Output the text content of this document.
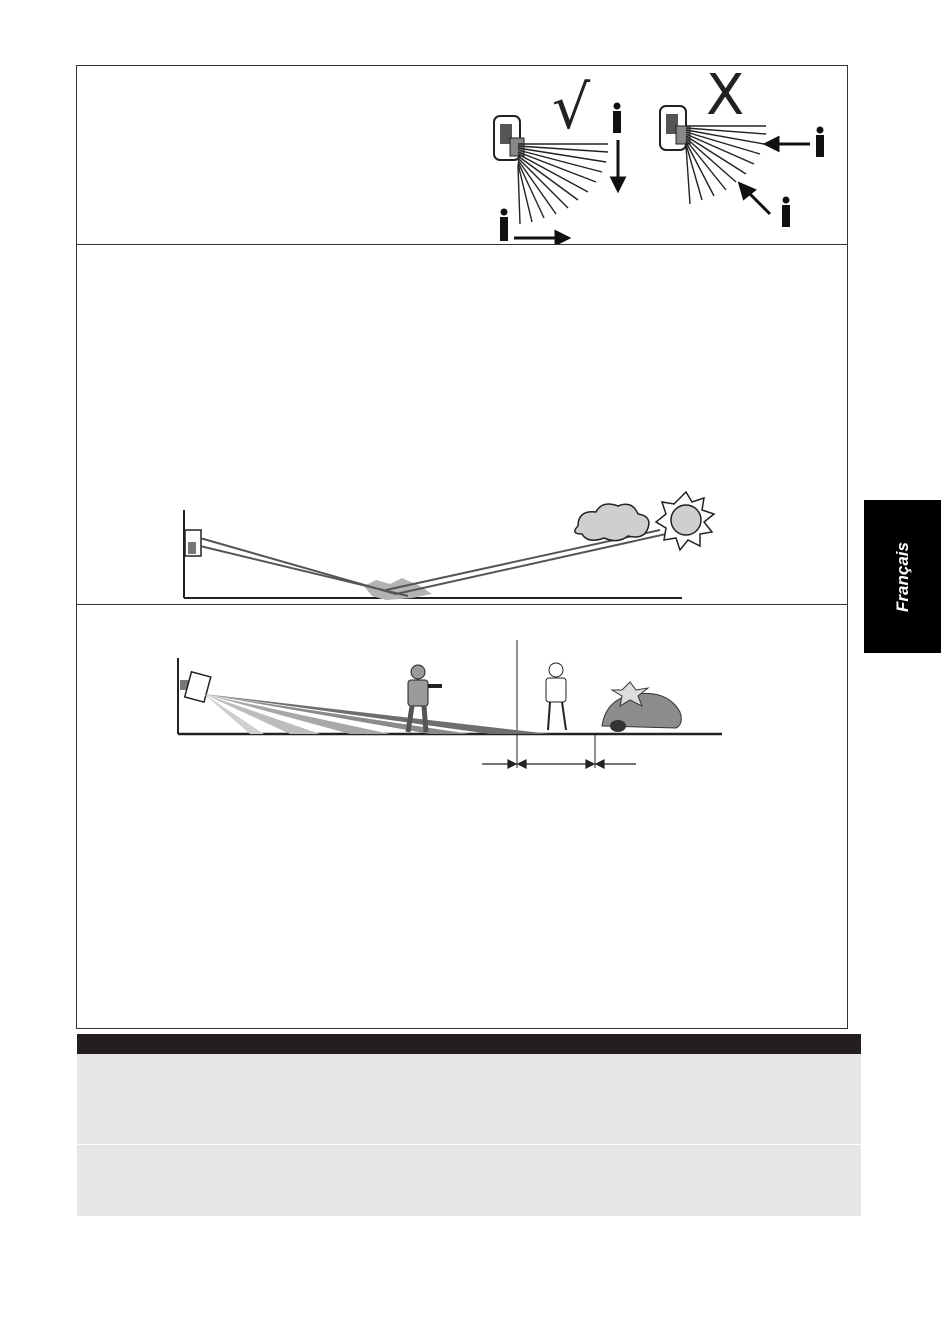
√ X
Français
